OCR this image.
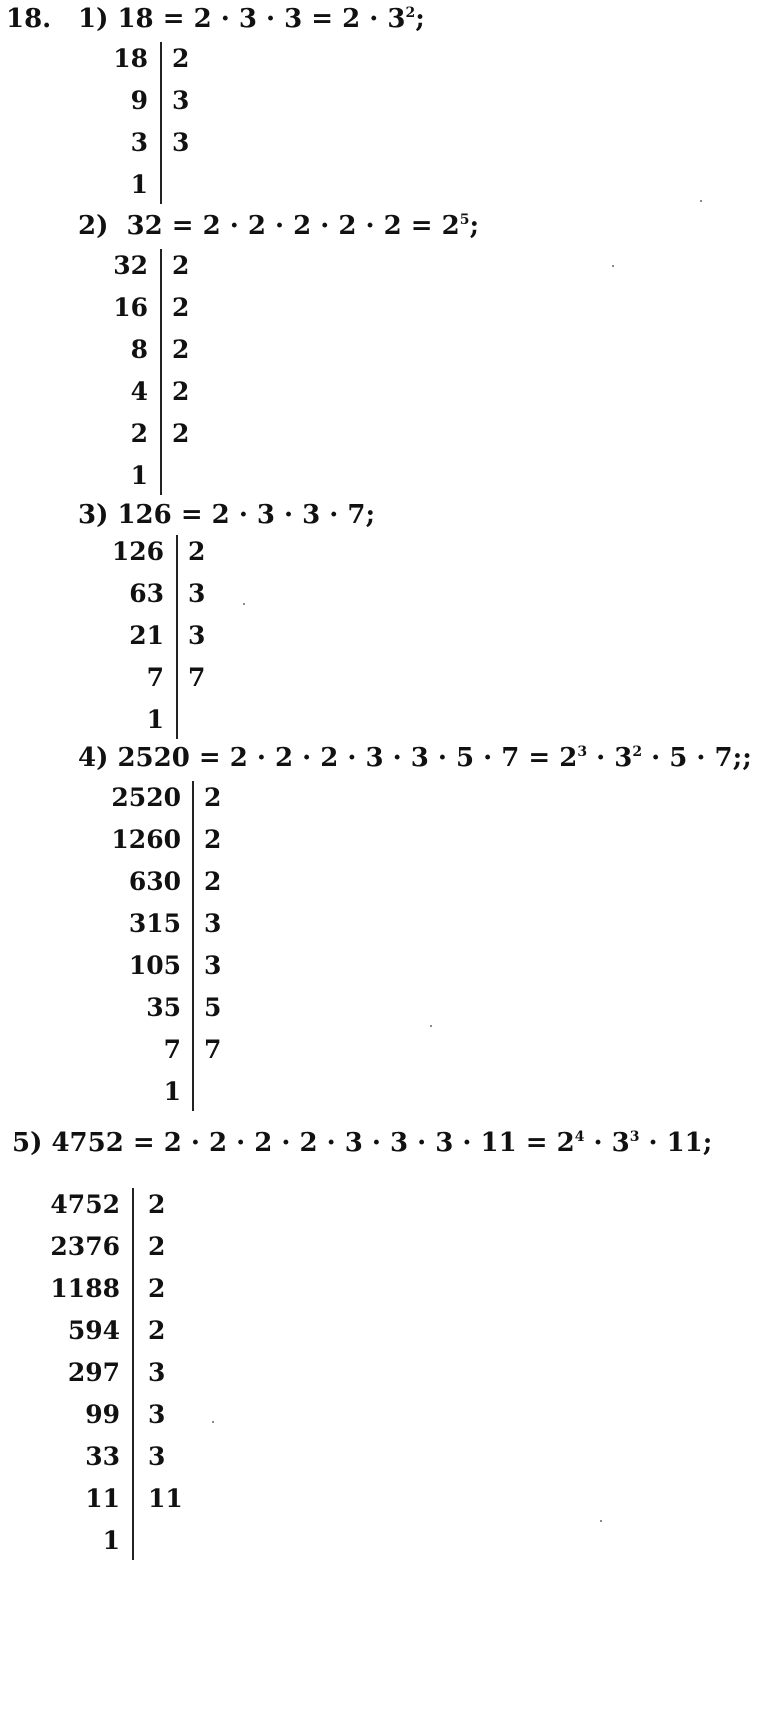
18. 1) $18 = 2 \cdot 3 \cdot 3 = 2 \cdot 3^2$;
18 2
9 3
3 3
1
2) $32 = 2 \cdot 2 \cdot 2 \cdot 2 \cdot 2 = 2^5$;
32 2
16 2
8 2
4 2
2 2
1
3) 126 = 2 · 3 · 3 · 7;
126 2
63 3
21 3
7 7
1
4) $2520 = 2 \cdot 2 \cdot 2 \cdot 3 \cdot 3 \cdot 5 \cdot 7 = 2^3 \cdot 3^2 \cdot 5 \cdot 7$;;
2520 2
1260 2
630 2
315 3
105 3
35 5
7 7
1
5) $4752 = 2 \cdot 2 \cdot 2 \cdot 2 \cdot 3 \cdot 3 \cdot 3 \cdot 11 = 2^4 \cdot 3^3 \cdot 11$;
4752 2
2376 2
1188 2
594 2
297 3
99 3
33 3
11 11
1
